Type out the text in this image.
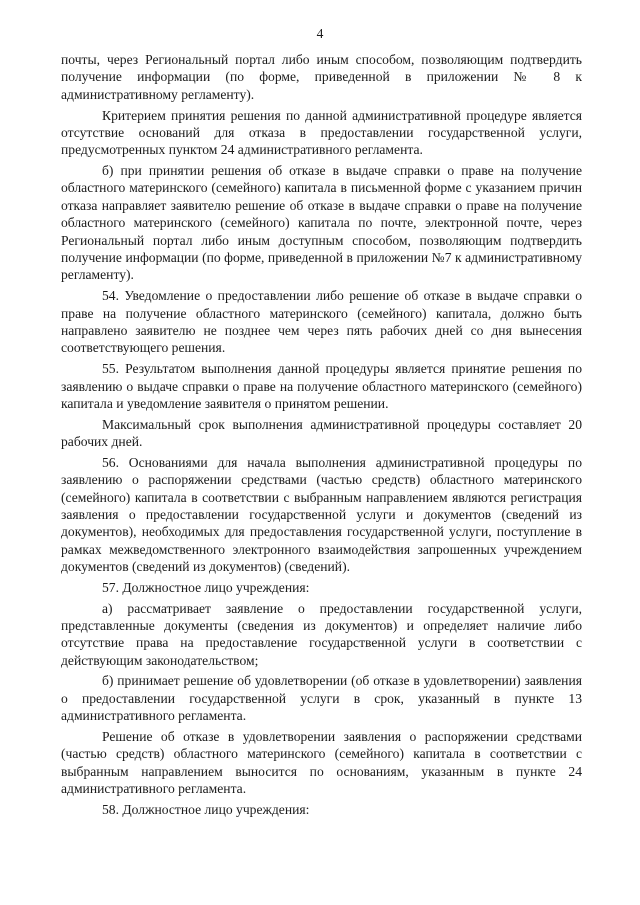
4

почты, через Региональный портал либо иным способом, позволяющим подтвердить получение информации (по форме, приведенной в приложении № 8 к административному регламенту).

Критерием принятия решения по данной административной процедуре является отсутствие оснований для отказа в предоставлении государственной услуги, предусмотренных пунктом 24 административного регламента.

б) при принятии решения об отказе в выдаче справки о праве на получение областного материнского (семейного) капитала в письменной форме с указанием причин отказа направляет заявителю решение об отказе в выдаче справки о праве на получение областного материнского (семейного) капитала по почте, электронной почте, через Региональный портал либо иным доступным способом, позволяющим подтвердить получение информации (по форме, приведенной в приложении №7 к административному регламенту).

54. Уведомление о предоставлении либо решение об отказе в выдаче справки о праве на получение областного материнского (семейного) капитала, должно быть направлено заявителю не позднее чем через пять рабочих дней со дня вынесения соответствующего решения.

55. Результатом выполнения данной процедуры является принятие решения по заявлению о выдаче справки о праве на получение областного материнского (семейного) капитала и уведомление заявителя о принятом решении.

Максимальный срок выполнения административной процедуры составляет 20 рабочих дней.

56. Основаниями для начала выполнения административной процедуры по заявлению о распоряжении средствами (частью средств) областного материнского (семейного) капитала в соответствии с выбранным направлением являются регистрация заявления о предоставлении государственной услуги и документов (сведений из документов), необходимых для предоставления государственной услуги, поступление в рамках межведомственного электронного взаимодействия запрошенных учреждением документов (сведений из документов) (сведений).

57. Должностное лицо учреждения:

а) рассматривает заявление о предоставлении государственной услуги, представленные документы (сведения из документов) и определяет наличие либо отсутствие права на предоставление государственной услуги в соответствии с действующим законодательством;

б) принимает решение об удовлетворении (об отказе в удовлетворении) заявления о предоставлении государственной услуги в срок, указанный в пункте 13 административного регламента.

Решение об отказе в удовлетворении заявления о распоряжении средствами (частью средств) областного материнского (семейного) капитала в соответствии с выбранным направлением выносится по основаниям, указанным в пункте 24 административного регламента.

58. Должностное лицо учреждения:
